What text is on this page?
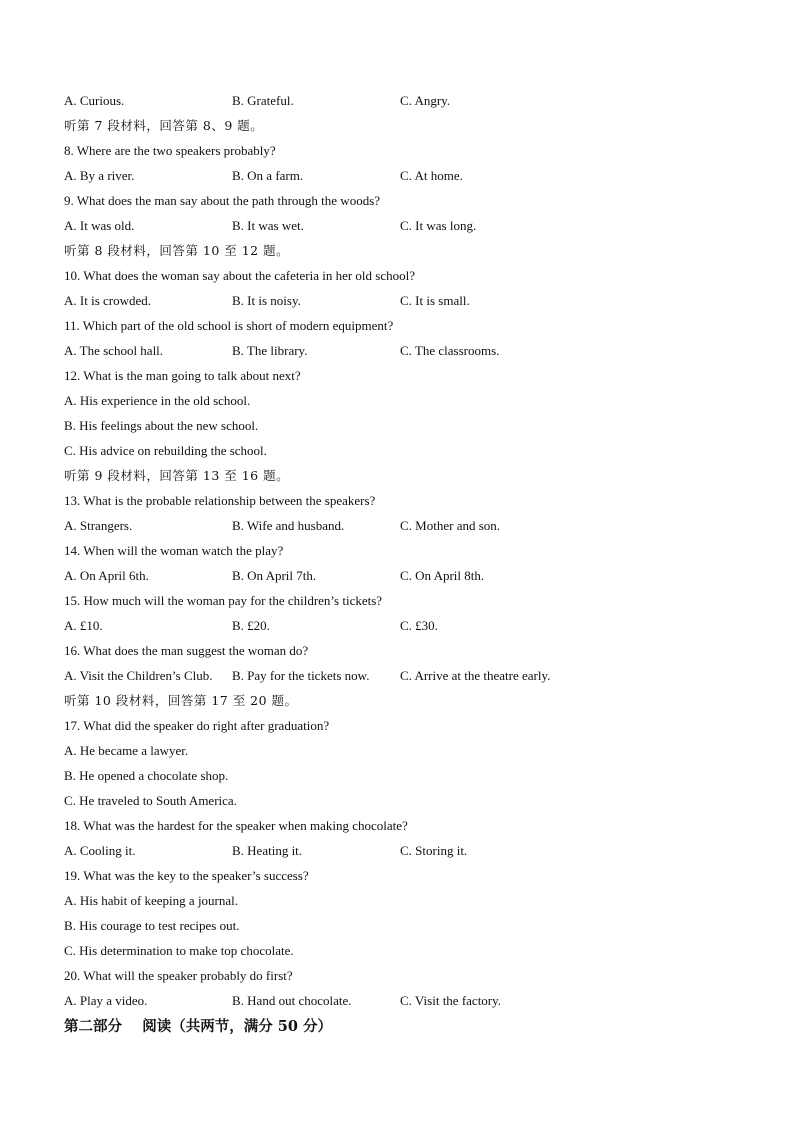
A. Curious.	B. Grateful.	C. Angry.
听第 7 段材料，回答第 8、9 题。
8. Where are the two speakers probably?
A. By a river.	B. On a farm.	C. At home.
9. What does the man say about the path through the woods?
A. It was old.	B. It was wet.	C. It was long.
听第 8 段材料，回答第 10 至 12 题。
10. What does the woman say about the cafeteria in her old school?
A. It is crowded.	B. It is noisy.	C. It is small.
11. Which part of the old school is short of modern equipment?
A. The school hall.	B. The library.	C. The classrooms.
12. What is the man going to talk about next?
A. His experience in the old school.
B. His feelings about the new school.
C. His advice on rebuilding the school.
听第 9 段材料，回答第 13 至 16 题。
13. What is the probable relationship between the speakers?
A. Strangers.	B. Wife and husband.	C. Mother and son.
14. When will the woman watch the play?
A. On April 6th.	B. On April 7th.	C. On April 8th.
15. How much will the woman pay for the children’s tickets?
A. £10.	B. £20.	C. £30.
16. What does the man suggest the woman do?
A. Visit the Children’s Club. B. Pay for the tickets now. C. Arrive at the theatre early.
听第 10 段材料，回答第 17 至 20 题。
17. What did the speaker do right after graduation?
A. He became a lawyer.
B. He opened a chocolate shop.
C. He traveled to South America.
18. What was the hardest for the speaker when making chocolate?
A. Cooling it.	B. Heating it.	C. Storing it.
19. What was the key to the speaker’s success?
A. His habit of keeping a journal.
B. His courage to test recipes out.
C. His determination to make top chocolate.
20. What will the speaker probably do first?
A. Play a video.	B. Hand out chocolate.	C. Visit the factory.
第二部分    阅读（共两节，满分 50 分）
